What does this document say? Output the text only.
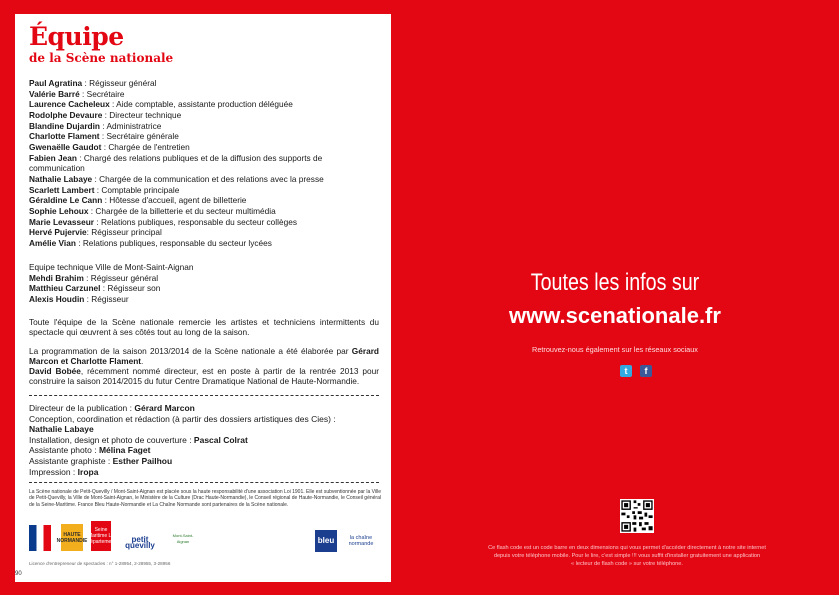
Équipe
de la Scène nationale
Paul Agratina : Régisseur général
Valérie Barré : Secrétaire
Laurence Cacheleux : Aide comptable, assistante production déléguée
Rodolphe Devaure : Directeur technique
Blandine Dujardin : Administratrice
Charlotte Flament : Secrétaire générale
Gwenaëlle Gaudot : Chargée de l'entretien
Fabien Jean : Chargé des relations publiques et de la diffusion des supports de communication
Nathalie Labaye : Chargée de la communication et des relations avec la presse
Scarlett Lambert : Comptable principale
Géraldine Le Cann : Hôtesse d'accueil, agent de billetterie
Sophie Lehoux : Chargée de la billetterie et du secteur multimédia
Marie Levasseur : Relations publiques, responsable du secteur collèges
Hervé Pujervie: Régisseur principal
Amélie Vian : Relations publiques, responsable du secteur lycées
Equipe technique Ville de Mont-Saint-Aignan
Mehdi Brahim : Régisseur général
Matthieu Carzunel : Régisseur son
Alexis Houdin : Régisseur

Toute l'équipe de la Scène nationale remercie les artistes et techniciens intermittents du spectacle qui œuvrent à ses côtés tout au long de la saison.

La programmation de la saison 2013/2014 de la Scène nationale a été élaborée par Gérard Marcon et Charlotte Flament.

David Bobée, récemment nommé directeur, est en poste à partir de la rentrée 2013 pour construire la saison 2014/2015 du futur Centre Dramatique National de Haute-Normandie.

Directeur de la publication : Gérard Marcon
Conception, coordination et rédaction (à partir des dossiers artistiques des Cies) :
Nathalie Labaye
Installation, design et photo de couverture : Pascal Colrat
Assistante photo : Mélina Faget
Assistante graphiste : Esther Pailhou
Impression : Iropa

La Scène nationale de Petit-Quevilly / Mont-Saint-Aignan est placée sous la haute responsabilité d'une association Loi 1901. Elle est subventionnée par la Ville de Petit-Quevilly, la Ville de Mont-Saint-Aignan, le Ministère de la Culture (Drac Haute-Normandie), le Conseil régional de Haute-Normandie, le Conseil général de la Seine-Maritime. France Bleu Haute-Normandie et La Chaîne Normande sont partenaires de la Scène nationale.

HAUTE NORMANDIE
Seine Maritime Le Département	petit quevilly
Mont-Saint-Aignan	bleu	la chaîne normande

Licence d'entrepreneur de spectacles : n° 1-28954, 2-28955, 3-28956

90

Toutes les infos sur

www.scenationale.fr

Retrouvez-nous également sur les réseaux sociaux

t	f

Ce flash code est un code barre en deux dimensions qui vous permet d'accéder directement à notre site internet
depuis votre téléphone mobile. Pour le lire, c'est simple !!! vous suffit d'installer gratuitement une application
« lecteur de flash code » sur votre téléphone.
